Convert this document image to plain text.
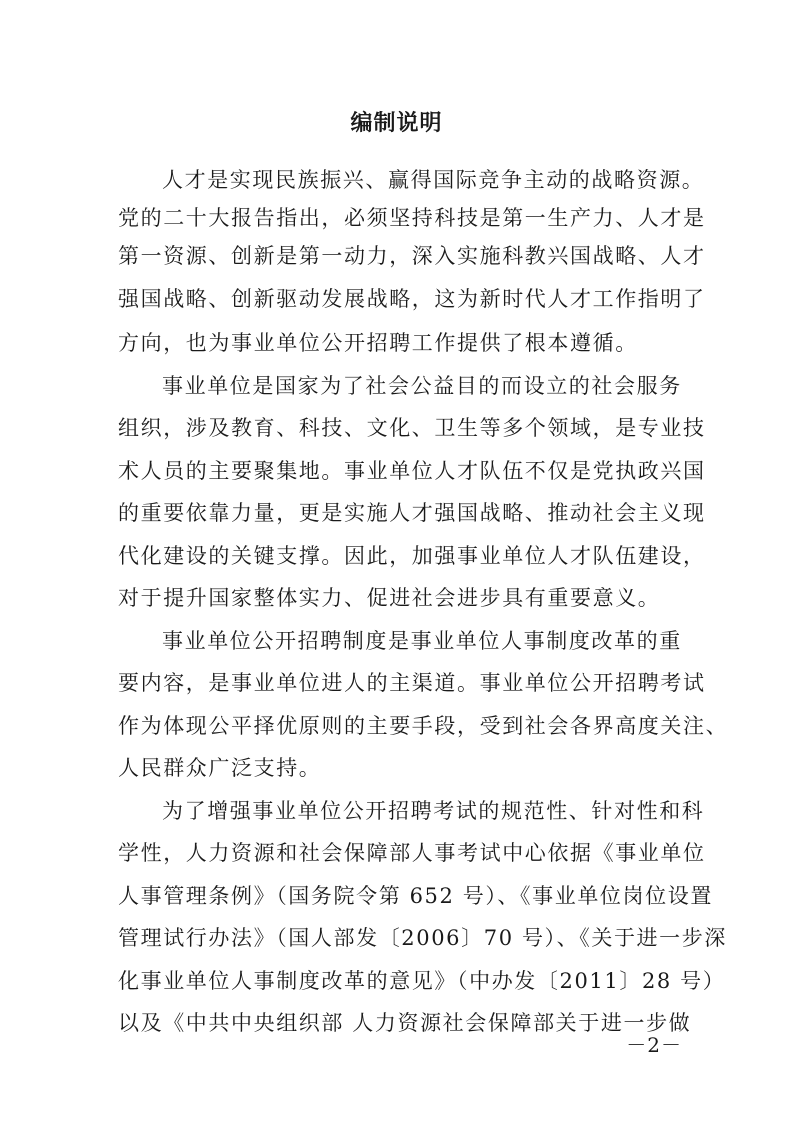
编制说明
人才是实现民族振兴、赢得国际竞争主动的战略资源。
党的二十大报告指出，必须坚持科技是第一生产力、人才是
第一资源、创新是第一动力，深入实施科教兴国战略、人才
强国战略、创新驱动发展战略，这为新时代人才工作指明了
方向，也为事业单位公开招聘工作提供了根本遵循。
事业单位是国家为了社会公益目的而设立的社会服务
组织，涉及教育、科技、文化、卫生等多个领域，是专业技
术人员的主要聚集地。事业单位人才队伍不仅是党执政兴国
的重要依靠力量，更是实施人才强国战略、推动社会主义现
代化建设的关键支撑。因此，加强事业单位人才队伍建设，
对于提升国家整体实力、促进社会进步具有重要意义。
事业单位公开招聘制度是事业单位人事制度改革的重
要内容，是事业单位进人的主渠道。事业单位公开招聘考试
作为体现公平择优原则的主要手段，受到社会各界高度关注、
人民群众广泛支持。
为了增强事业单位公开招聘考试的规范性、针对性和科
学性，人力资源和社会保障部人事考试中心依据《事业单位
人事管理条例》（国务院令第 652 号）、《事业单位岗位设置
管理试行办法》（国人部发〔2006〕70 号）、《关于进一步深
化事业单位人事制度改革的意见》（中办发〔2011〕28 号）
以及《中共中央组织部 人力资源社会保障部关于进一步做
－2－
